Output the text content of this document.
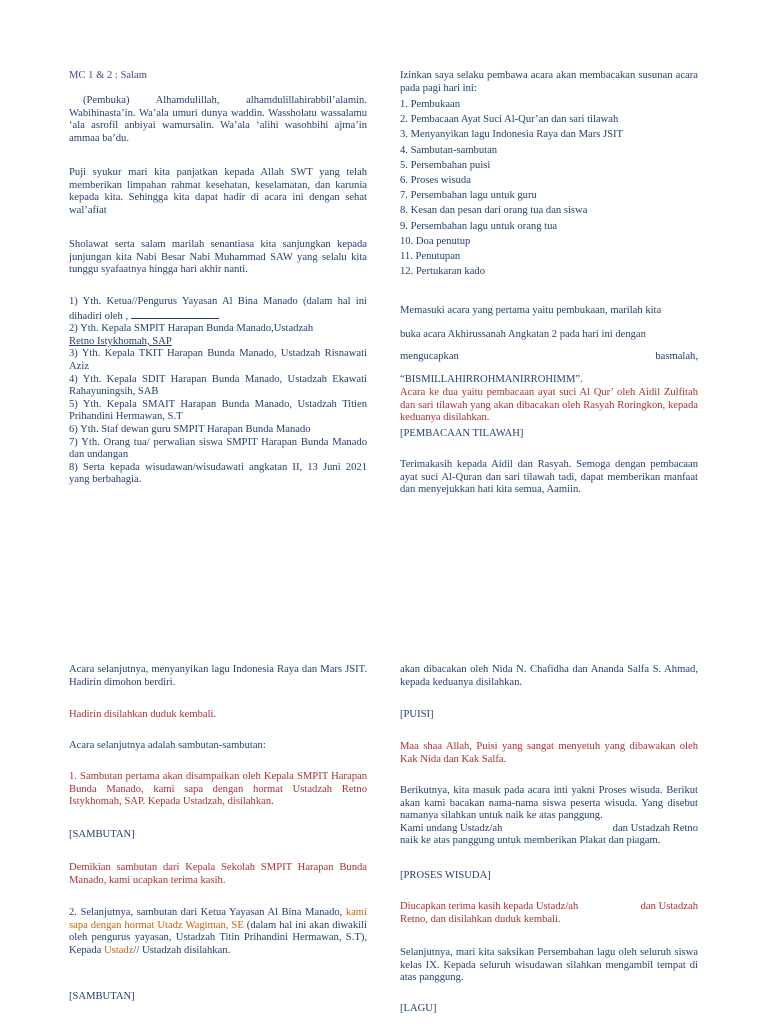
MC 1 & 2 : Salam

(Pembuka) Alhamdulillah, alhamdulillahirabbil’alamin. Wabihinasta’in. Wa’ala umuri dunya waddin. Wassholatu wassalamu ‘ala asrofil anbiyai wamursalin. Wa’ala ‘alihi wasohbihi ajma’in ammaa ba’du.

Puji syukur mari kita panjatkan kepada Allah SWT yang telah memberikan limpahan rahmat kesehatan, keselamatan, dan karunia kepada kita. Sehingga kita dapat hadir di acara ini dengan sehat wal’afiat

Sholawat serta salam marilah senantiasa kita sanjungkan kepada junjungan kita Nabi Besar Nabi Muhammad SAW yang selalu kita tunggu syafaatnya hingga hari akhir nanti.

1) Yth. Ketua//Pengurus Yayasan Al Bina Manado (dalam hal ini dihadiri oleh ,

2) Yth. Kepala SMPIT Harapan Bunda Manado,Ustadzah
Retno Istykhomah, SAP

3) Yth. Kepala TKIT Harapan Bunda Manado, Ustadzah Risnawati Aziz

4) Yth. Kepala SDIT Harapan Bunda Manado, Ustadzah Ekawati Rahayuningsih, SAB

5) Yth. Kepala SMAIT Harapan Bunda Manado, Ustadzah Titien Prihandini Hermawan, S.T

6) Yth. Staf dewan guru SMPIT Harapan Bunda Manado

7) Yth. Orang tua/ perwalian siswa SMPIT Harapan Bunda Manado dan undangan

8) Serta kepada wisudawan/wisudawati angkatan II, 13 Juni 2021 yang berbahagia.

Izinkan saya selaku pembawa acara akan membacakan susunan acara pada pagi hari ini:

1. Pembukaan
2. Pembacaan Ayat Suci Al-Qur’an dan sari tilawah
3. Menyanyikan lagu Indonesia Raya dan Mars JSIT
4. Sambutan-sambutan
5. Persembahan puisi
6. Proses wisuda
7. Persembahan lagu untuk guru
8. Kesan dan pesan dari orang tua dan siswa
9. Persembahan lagu untuk orang tua
10. Doa penutup
11. Penutupan
12. Pertukaran kado

Memasuki acara yang pertama yaitu pembukaan, marilah kita

buka acara Akhirussanah Angkatan 2 pada hari ini dengan

mengucapkan	basmalah,

“BISMILLAHIRROHMANIRROHIMM”.

Acara ke dua yaitu pembacaan ayat suci Al Qur’ oleh Aidil Zulfitah dan sari tilawah yang akan dibacakan oleh Rasyah Roringkon, kepada keduanya disilahkan.

[PEMBACAAN TILAWAH]

Terimakasih kepada Aidil dan Rasyah. Semoga dengan pembacaan ayat suci Al-Quran dan sari tilawah tadi, dapat memberikan manfaat dan menyejukkan hati kita semua, Aamiin.

Acara selanjutnya, menyanyikan lagu Indonesia Raya dan Mars JSIT. Hadirin dimohon berdiri.

Hadirin disilahkan duduk kembali.

Acara selanjutnya adalah sambutan-sambutan:

1. Sambutan pertama akan disampaikan oleh Kepala SMPIT Harapan Bunda Manado, kami sapa dengan hormat Ustadzah Retno Istykhomah, SAP. Kepada Ustadzah, disilahkan.

[SAMBUTAN]

Demikian sambutan dari Kepala Sekolah SMPIT Harapan Bunda Manado, kami ucapkan terima kasih.

2. Selanjutnya, sambutan dari Ketua Yayasan Al Bina Manado, kami sapa dengan hormat Utadz Wagiman, SE (dalam hal ini akan diwakili oleh pengurus yayasan, Ustadzah Titin Prihandini Hermawan, S.T), Kepada Ustadz// Ustadzah disilahkan.

[SAMBUTAN]

akan dibacakan oleh Nida N. Chafidha dan Ananda Salfa S. Ahmad, kepada keduanya disilahkan.

[PUISI]

Maa shaa Allah, Puisi yang sangat menyetuh yang dibawakan oleh Kak Nida dan Kak Salfa.

Berikutnya, kita masuk pada acara inti yakni Proses wisuda. Berikut akan kami bacakan nama-nama siswa peserta wisuda. Yang disebut namanya silahkan untuk naik ke atas panggung.

Kami undang Ustadz/ah	dan Ustadzah Retno

naik ke atas panggung untuk memberikan Plakat dan piagam.

[PROSES WISUDA]

Diucapkan terima kasih kepada Ustadz/ah	dan Ustadzah

Retno, dan disilahkan duduk kembali.

Selanjutnya, mari kita saksikan Persembahan lagu oleh seluruh siswa kelas IX. Kepada seluruh wisudawan silahkan mengambil tempat di atas panggung.

[LAGU]
